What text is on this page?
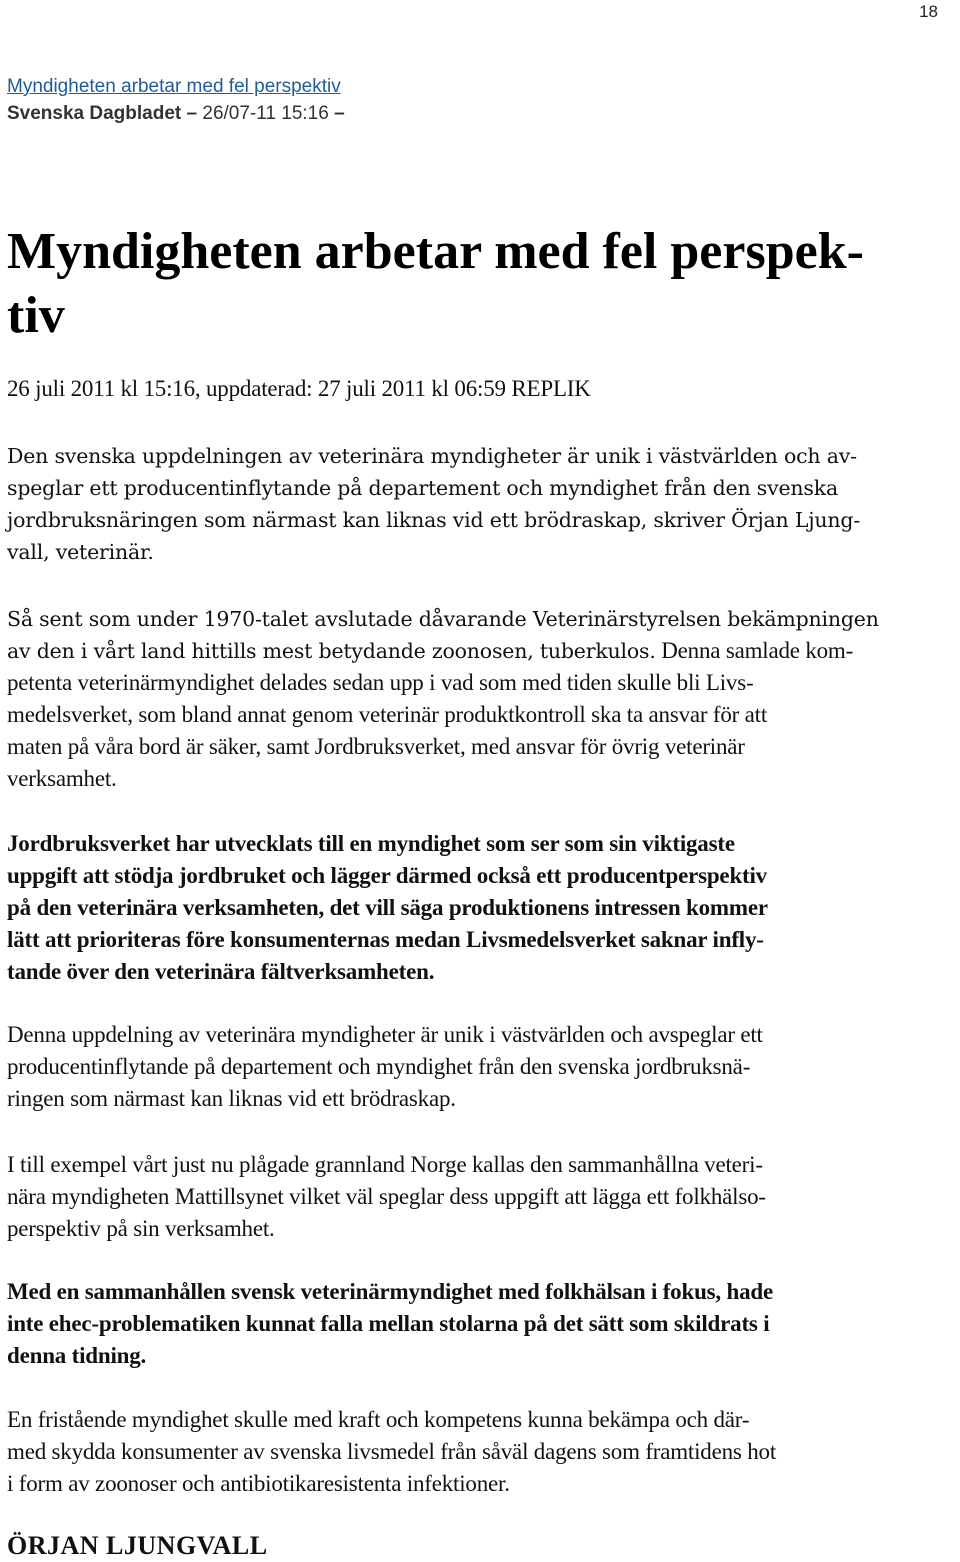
18
Myndigheten arbetar med fel perspektiv
Svenska Dagbladet – 26/07-11 15:16 –
Myndigheten arbetar med fel perspek-
tiv

26 juli 2011 kl 15:16, uppdaterad: 27 juli 2011 kl 06:59 REPLIK

Den svenska uppdelningen av veterinära myndigheter är unik i västvärlden och av-
speglar ett producentinflytande på departement och myndighet från den svenska
jordbruksnäringen som närmast kan liknas vid ett brödraskap, skriver Örjan Ljung-
vall, veterinär.

Så sent som under 1970-talet avslutade dåvarande Veterinärstyrelsen bekämpningen
av den i vårt land hittills mest betydande zoonosen, tuberkulos. Denna samlade kom-
petenta veterinärmyndighet delades sedan upp i vad som med tiden skulle bli Livs-
medelsverket, som bland annat genom veterinär produktkontroll ska ta ansvar för att
maten på våra bord är säker, samt Jordbruksverket, med ansvar för övrig veterinär
verksamhet.

Jordbruksverket har utvecklats till en myndighet som ser som sin viktigaste
uppgift att stödja jordbruket och lägger därmed också ett producentperspektiv
på den veterinära verksamheten, det vill säga produktionens intressen kommer
lätt att prioriteras före konsumenternas medan Livsmedelsverket saknar infly-
tande över den veterinära fältverksamheten.

Denna uppdelning av veterinära myndigheter är unik i västvärlden och avspeglar ett
producentinflytande på departement och myndighet från den svenska jordbruksnä-
ringen som närmast kan liknas vid ett brödraskap.

I till exempel vårt just nu plågade grannland Norge kallas den sammanhållna veteri-
nära myndigheten Mattillsynet vilket väl speglar dess uppgift att lägga ett folkhälso-
perspektiv på sin verksamhet.

Med en sammanhållen svensk veterinärmyndighet med folkhälsan i fokus, hade
inte ehec-problematiken kunnat falla mellan stolarna på det sätt som skildrats i
denna tidning.

En fristående myndighet skulle med kraft och kompetens kunna bekämpa och där-
med skydda konsumenter av svenska livsmedel från såväl dagens som framtidens hot
i form av zoonoser och antibiotikaresistenta infektioner.

ÖRJAN LJUNGVALL
